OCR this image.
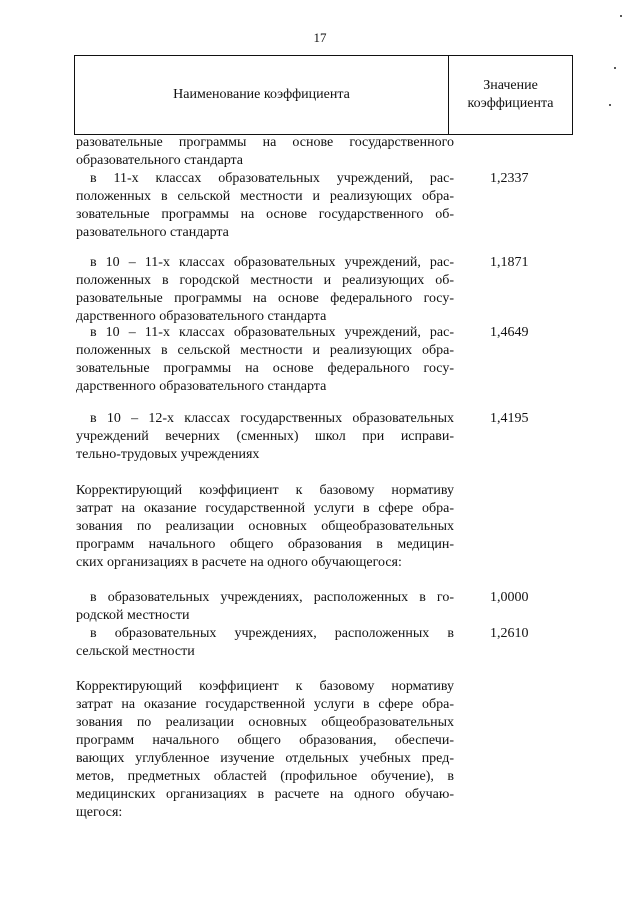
17
Наименование коэффициента
Значение
коэффициента
разовательные программы на основе государственного
образовательного стандарта
в 11-х классах образовательных учреждений, рас-
положенных в сельской местности и реализующих обра-
зовательные программы на основе государственного об-
разовательного стандарта
в 10 – 11-х классах образовательных учреждений, рас-
положенных в городской местности и реализующих об-
разовательные программы на основе федерального госу-
дарственного образовательного стандарта
в 10 – 11-х классах образовательных учреждений, рас-
положенных в сельской местности и реализующих обра-
зовательные программы на основе федерального госу-
дарственного образовательного стандарта
в 10 – 12-х классах государственных образовательных
учреждений вечерних (сменных) школ при исправи-
тельно-трудовых учреждениях
Корректирующий коэффициент к базовому нормативу
затрат на оказание государственной услуги в сфере обра-
зования по реализации основных общеобразовательных
программ начального общего образования в медицин-
ских организациях в расчете на одного обучающегося:
в образовательных учреждениях, расположенных в го-
родской местности
в образовательных учреждениях, расположенных в
сельской местности
Корректирующий коэффициент к базовому нормативу
затрат на оказание государственной услуги в сфере обра-
зования по реализации основных общеобразовательных
программ начального общего образования, обеспечи-
вающих углубленное изучение отдельных учебных пред-
метов, предметных областей (профильное обучение), в
медицинских организациях в расчете на одного обучаю-
щегося:
1,2337
1,1871
1,4649
1,4195
1,0000
1,2610
